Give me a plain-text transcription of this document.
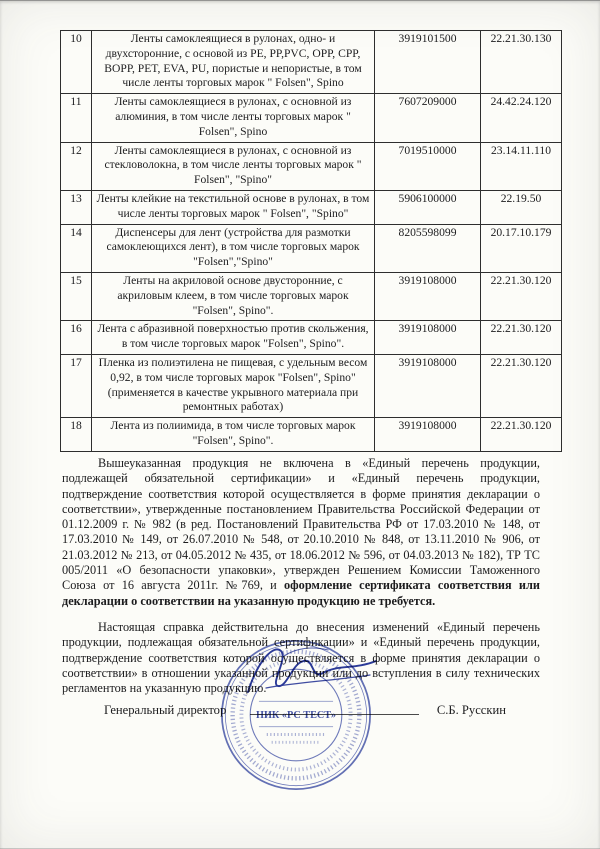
10	Ленты самоклеящиеся в рулонах, одно- и двухсторонние, с основой из PE, PP,PVC, OPP, CPP, BOPP, PET, EVA, PU, пористые и непористые, в том числе ленты торговых марок " Folsen", Spino	3919101500	22.21.30.130
11	Ленты самоклеящиеся в рулонах, с основной из алюминия, в том числе ленты торговых марок " Folsen", Spino	7607209000	24.42.24.120
12	Ленты самоклеящиеся в рулонах, с основной из стекловолокна, в том числе ленты торговых марок " Folsen", "Spino"	7019510000	23.14.11.110
13	Ленты клейкие на текстильной основе в рулонах, в том числе ленты торговых марок " Folsen", "Spino"	5906100000	22.19.50
14	Диспенсеры для лент (устройства для размотки самоклеющихся лент), в том числе торговых марок "Folsen","Spino"	8205598099	20.17.10.179
15	Ленты на акриловой основе двусторонние, с акриловым клеем, в том числе торговых марок "Folsen", Spino".	3919108000	22.21.30.120
16	Лента с абразивной поверхностью против скольжения, в том числе торговых марок "Folsen", Spino".	3919108000	22.21.30.120
17	Пленка из полиэтилена не пищевая, с удельным весом 0,92, в том числе торговых марок "Folsen", Spino"(применяется в качестве укрывного материала при ремонтных работах)	3919108000	22.21.30.120
18	Лента из полиимида, в том числе торговых марок "Folsen", Spino".	3919108000	22.21.30.120

Вышеуказанная продукция не включена в «Единый перечень продукции, подлежащей обязательной сертификации» и «Единый перечень продукции, подтверждение соответствия которой осуществляется в форме принятия декларации о соответствии», утвержденные постановлением Правительства Российской Федерации от 01.12.2009 г. № 982 (в ред. Постановлений Правительства РФ от 17.03.2010 № 148, от 17.03.2010 № 149, от 26.07.2010 № 548, от 20.10.2010 № 848, от 13.11.2010 № 906, от 21.03.2012 № 213, от 04.05.2012 № 435, от 18.06.2012 № 596, от 04.03.2013 № 182), ТР ТС 005/2011 «О безопасности упаковки», утвержден Решением Комиссии Таможенного Союза от 16 августа 2011г. №769, и оформление сертификата соответствия или декларации о соответствии на указанную продукцию не требуется.

Настоящая справка действительна до внесения изменений «Единый перечень продукции, подлежащая обязательной сертификации» и «Единый перечень продукции, подтверждение соответствия которой осуществляется в форме принятия декларации о соответствии» в отношении указанной продукции или до вступления в силу технических регламентов на указанную продукцию.

Генеральный директор	С.Б. Русскин
НИК «РС ТЕСТ»
